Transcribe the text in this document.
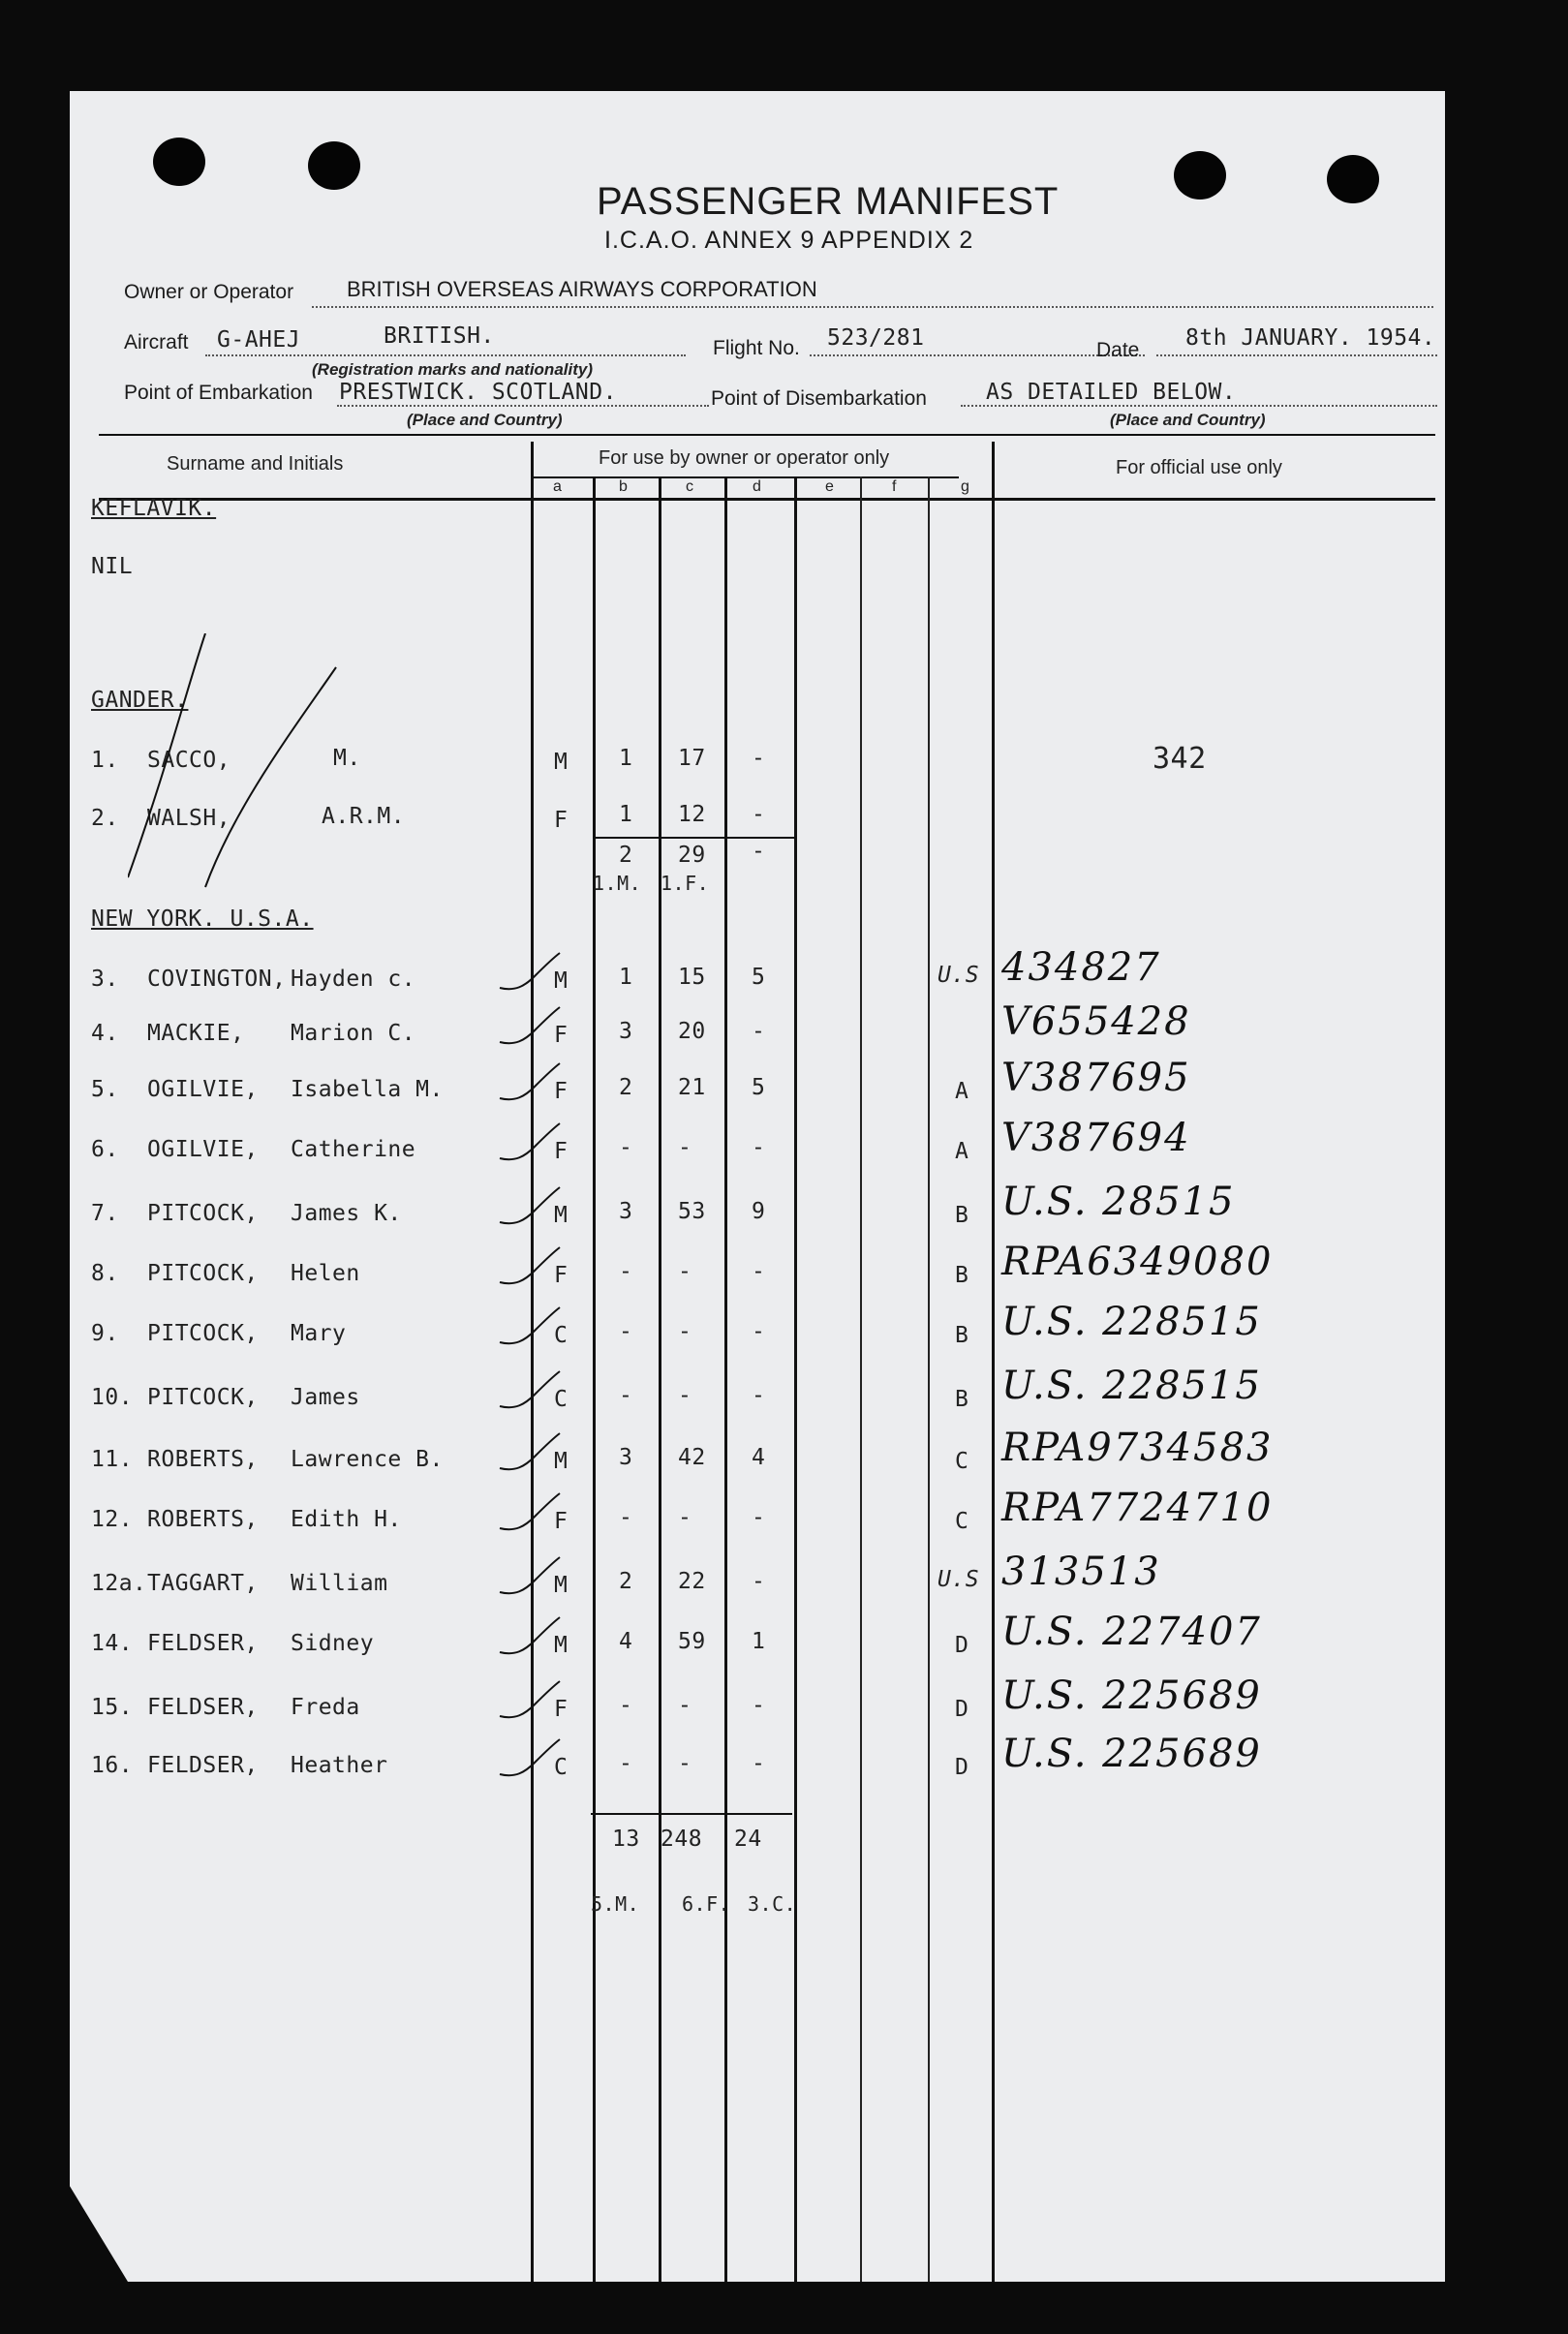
PASSENGER MANIFEST
I.C.A.O. ANNEX 9 APPENDIX 2
Owner or Operator BRITISH OVERSEAS AIRWAYS CORPORATION
Aircraft G-AHEJ	BRITISH.
(Registration marks and nationality)
Flight No. 523/281	Date 8th JANUARY. 1954.
Point of Embarkation PRESTWICK. SCOTLAND.
(Place and Country)
Point of Disembarkation	AS DETAILED BELOW.
(Place and Country)
Surname and Initials	For use by owner or operator only	For official use only
a	b	c	d	e	f	g
KEFLAVIK.
NIL
GANDER.
NEW YORK. U.S.A.
1. SACCO,	M.	M 1 17 -	342
2. WALSH,	A.R.M.	F 1 12 -
2 29 -
1.M. 1.F.
3. COVINGTON, Hayden c.	M 1 15 5	U.S 434827
4. MACKIE, Marion C.	F 3 20 -	V655428
5. OGILVIE, Isabella M.	F 2 21 5	A V387695
6. OGILVIE, Catherine	F - -	-	A V387694
7. PITCOCK, James K.	M 3 53 9	B U.S. 28515
8. PITCOCK, Helen	F - -	-	B RPA6349080
9. PITCOCK, Mary	C - -	-	B U.S. 228515
10. PITCOCK, James	C - -	-	B U.S. 228515
11. ROBERTS, Lawrence B.	M 3 42 4	C RPA9734583
12. ROBERTS, Edith H.	F - -	-	C RPA7724710
12a. TAGGART, William	M 2 22 -	U.S 313513
14. FELDSER, Sidney	M 4 59 1	D U.S. 227407
15. FELDSER, Freda	F - -	-	D U.S. 225689
16. FELDSER, Heather	C - -	-	D U.S. 225689
13 248 24
5.M. 6.F. 3.C.
